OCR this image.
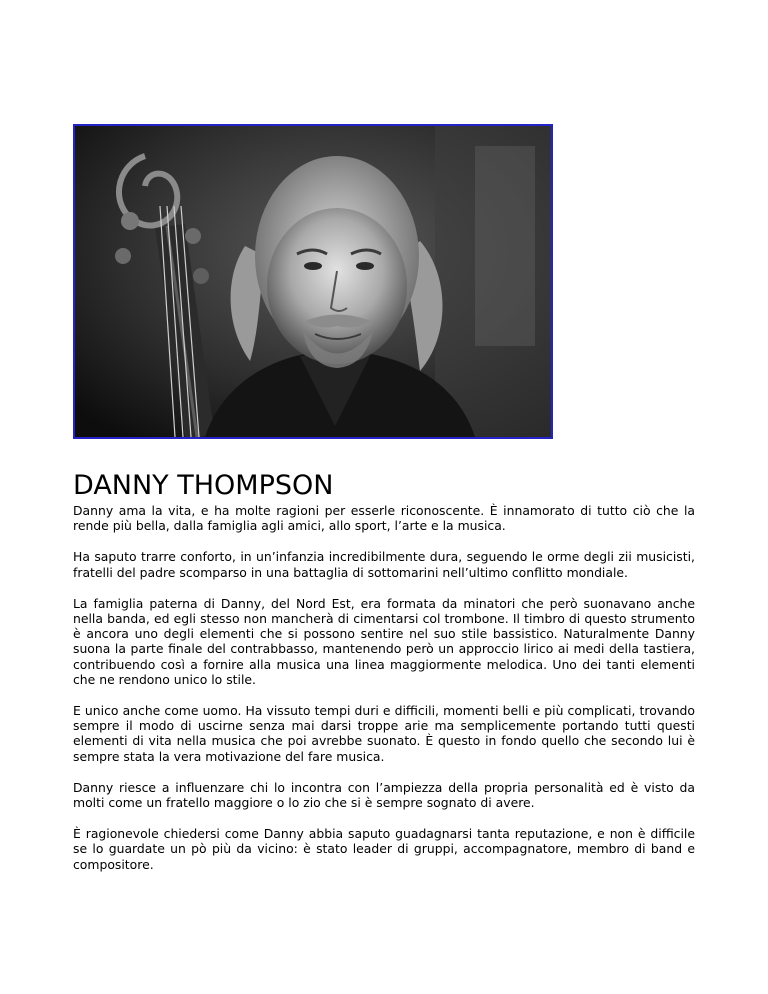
DANNY THOMPSON

Danny ama la vita, e ha molte ragioni per esserle riconoscente. È innamorato di tutto ciò che la rende più bella, dalla famiglia agli amici, allo sport, l’arte e la musica.

Ha saputo trarre conforto, in un’infanzia incredibilmente dura, seguendo le orme degli zii musicisti, fratelli del padre scomparso in una battaglia di sottomarini nell’ultimo conflitto mondiale.

La famiglia paterna di Danny, del Nord Est, era formata da minatori che però suonavano anche nella banda, ed egli stesso non mancherà di cimentarsi col trombone. Il timbro di questo strumento è ancora uno degli elementi che si possono sentire nel suo stile bassistico. Naturalmente Danny suona la parte finale del contrabbasso, mantenendo però un approccio lirico ai medi della tastiera, contribuendo così a fornire alla musica una linea maggiormente melodica. Uno dei tanti elementi che ne rendono unico lo stile.

E unico anche come uomo. Ha vissuto tempi duri e difficili, momenti belli e più complicati, trovando sempre il modo di uscirne senza mai darsi troppe arie ma semplicemente portando tutti questi elementi di vita nella musica che poi avrebbe suonato. È questo in fondo quello che secondo lui è sempre stata la vera motivazione del fare musica.

Danny riesce a influenzare chi lo incontra con l’ampiezza della propria personalità ed è visto da molti come un fratello maggiore o lo zio che si è sempre sognato di avere.

È ragionevole chiedersi come Danny abbia saputo guadagnarsi tanta reputazione, e non è difficile se lo guardate un pò più da vicino: è stato leader di gruppi, accompagnatore, membro di band e compositore.
